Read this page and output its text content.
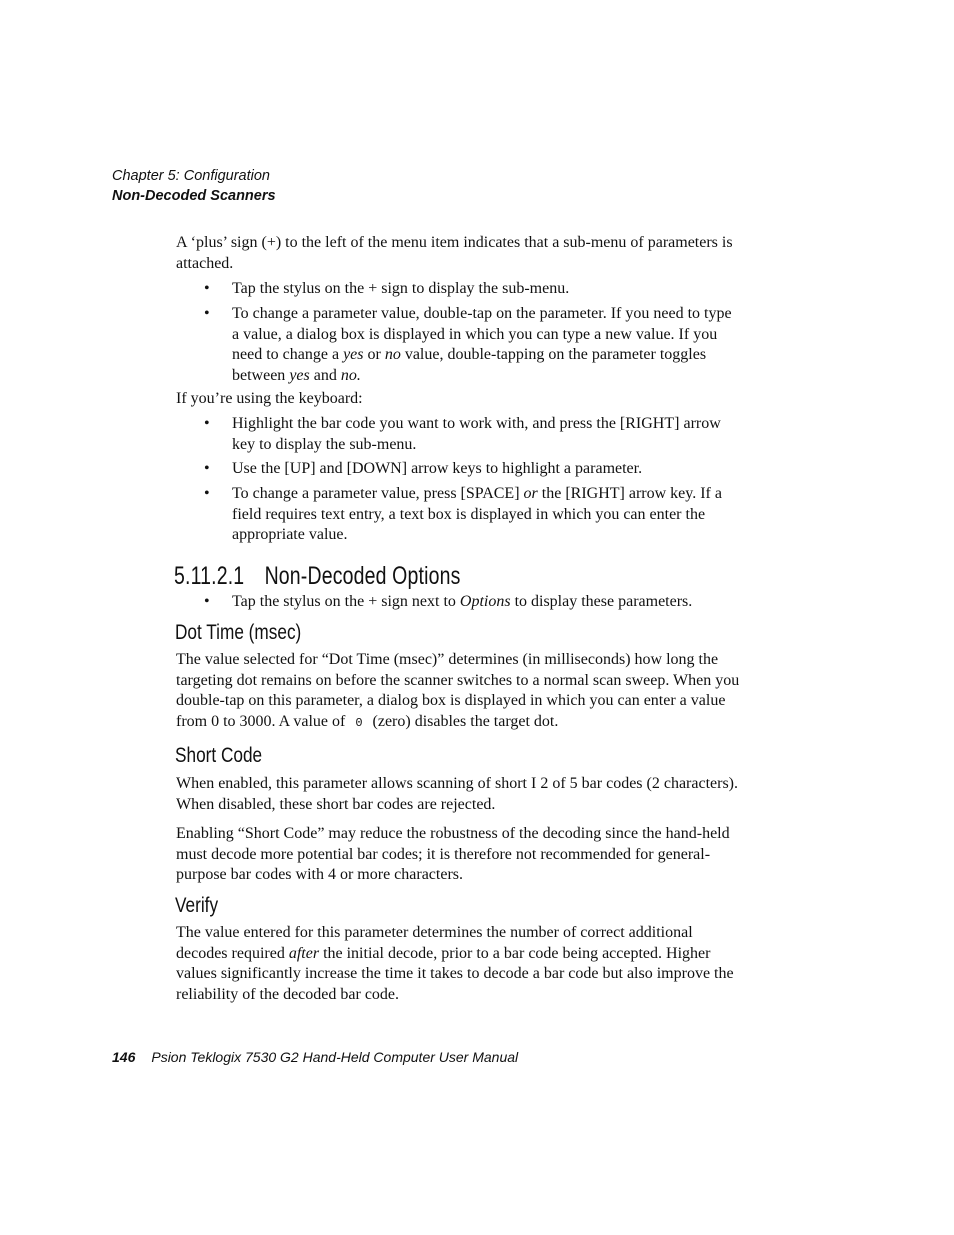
Chapter 5: Configuration
Non-Decoded Scanners
A ‘plus’ sign (+) to the left of the menu item indicates that a sub-menu of parameters is attached.
• Tap the stylus on the + sign to display the sub-menu.
• To change a parameter value, double-tap on the parameter. If you need to type a value, a dialog box is displayed in which you can type a new value. If you need to change a yes or no value, double-tapping on the parameter toggles between yes and no.
If you’re using the keyboard:
• Highlight the bar code you want to work with, and press the [RIGHT] arrow key to display the sub-menu.
• Use the [UP] and [DOWN] arrow keys to highlight a parameter.
• To change a parameter value, press [SPACE] or the [RIGHT] arrow key. If a field requires text entry, a text box is displayed in which you can enter the appropriate value.
5.11.2.1 Non-Decoded Options
• Tap the stylus on the + sign next to Options to display these parameters.
Dot Time (msec)
The value selected for “Dot Time (msec)” determines (in milliseconds) how long the targeting dot remains on before the scanner switches to a normal scan sweep. When you double-tap on this parameter, a dialog box is displayed in which you can enter a value from 0 to 3000. A value of 0 (zero) disables the target dot.
Short Code
When enabled, this parameter allows scanning of short I 2 of 5 bar codes (2 characters). When disabled, these short bar codes are rejected.
Enabling “Short Code” may reduce the robustness of the decoding since the hand-held must decode more potential bar codes; it is therefore not recommended for general-purpose bar codes with 4 or more characters.
Verify
The value entered for this parameter determines the number of correct additional decodes required after the initial decode, prior to a bar code being accepted. Higher values significantly increase the time it takes to decode a bar code but also improve the reliability of the decoded bar code.
146 Psion Teklogix 7530 G2 Hand-Held Computer User Manual
